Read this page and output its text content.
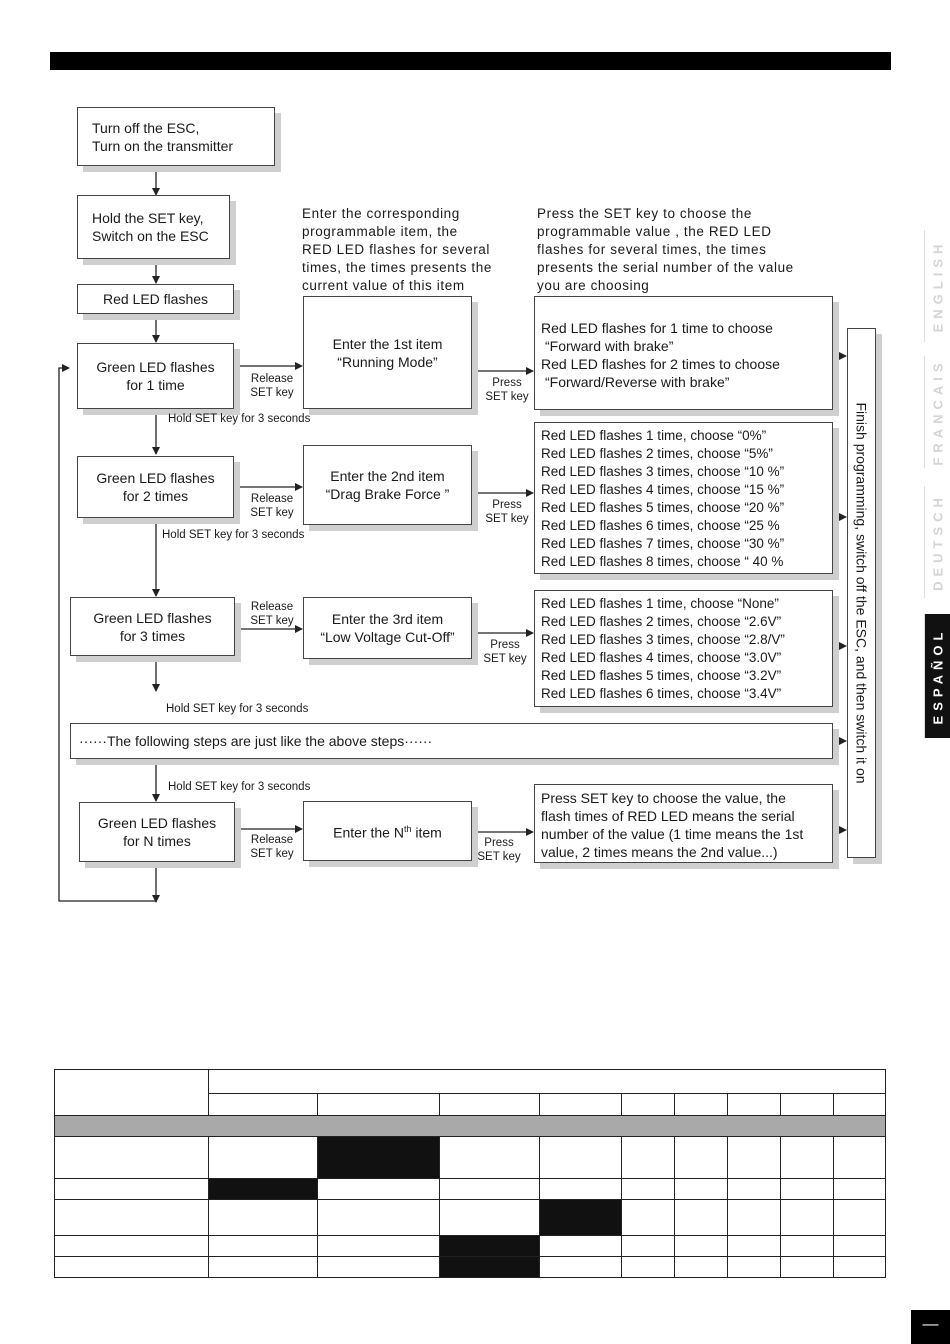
ENGLISH
FRANCAIS
DEUTSCH
ESPAÑOL
Turn off the ESC,
Turn on the transmitter
Hold the SET key,
Switch on the ESC
Red LED flashes
Green LED flashes
for 1 time
Green LED flashes
for 2 times
Green LED flashes
for 3 times
Green LED flashes
for N times
Enter the 1st item
“Running Mode”
Enter the 2nd item
“Drag Brake Force ”
Enter the 3rd item
“Low Voltage Cut-Off”
Enter the $N^{th}$ item
Enter the corresponding
programmable item, the
RED LED flashes for several
times, the times presents the
current value of this item
Press the SET key to choose the
programmable value , the RED LED
flashes for several times, the times
presents the serial number of the value
you are choosing
Red LED flashes for 1 time to choose
“Forward with brake”
Red LED flashes for 2 times to choose
“Forward/Reverse with brake”
Red LED flashes 1 time, choose “0%”
Red LED flashes 2 times, choose “5%”
Red LED flashes 3 times, choose “10 %”
Red LED flashes 4 times, choose “15 %”
Red LED flashes 5 times, choose “20 %”
Red LED flashes 6 times, choose “25 %
Red LED flashes 7 times, choose “30 %”
Red LED flashes 8 times, choose “ 40 %
Red LED flashes 1 time, choose “None”
Red LED flashes 2 times, choose “2.6V”
Red LED flashes 3 times, choose “2.8/V”
Red LED flashes 4 times, choose “3.0V”
Red LED flashes 5 times, choose “3.2V”
Red LED flashes 6 times, choose “3.4V”
Press SET key to choose the value, the
flash times of RED LED means the serial
number of the value (1 time means the 1st
value, 2 times means the 2nd value...)
······The following steps are just like the above steps······	Finish programming, switch off the ESC, and then switch it on
Release
SET key
Release
SET key
Release
SET key
Release
SET key
Press
SET key
Press
SET key
Press
SET key
Press
SET key
Hold SET key for 3 seconds
Hold SET key for 3 seconds
Hold SET key for 3 seconds
Hold SET key for 3 seconds

—
